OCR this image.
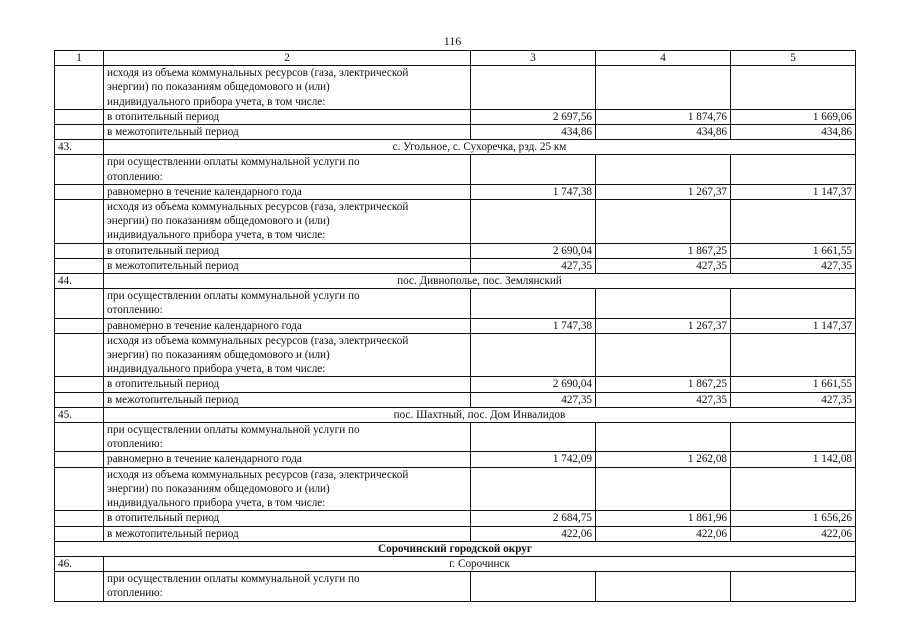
116
1	2	3	4	5

	исходя из объема коммунальных ресурсов (газа, электрической
энергии) по показаниям общедомового и (или)
индивидуального прибора учета, в том числе:			

	в отопительный период	2 697,56	1 874,76	1 669,06
	в межотопительный период	434,86	434,86	434,86
43.	с. Угольное, с. Сухоречка, рзд. 25 км			

	при осуществлении оплаты коммунальной услуги по
отоплению:			

	равномерно в течение календарного года	1 747,38	1 267,37	1 147,37

	исходя из объема коммунальных ресурсов (газа, электрической
энергии) по показаниям общедомового и (или)
индивидуального прибора учета, в том числе:			

	в отопительный период	2 690,04	1 867,25	1 661,55
	в межотопительный период	427,35	427,35	427,35
44.	пос. Дивнополье, пос. Землянский			

	при осуществлении оплаты коммунальной услуги по
отоплению:			

	равномерно в течение календарного года	1 747,38	1 267,37	1 147,37

	исходя из объема коммунальных ресурсов (газа, электрической
энергии) по показаниям общедомового и (или)
индивидуального прибора учета, в том числе:			

	в отопительный период	2 690,04	1 867,25	1 661,55
	в межотопительный период	427,35	427,35	427,35
45.	пос. Шахтный, пос. Дом Инвалидов			

	при осуществлении оплаты коммунальной услуги по
отоплению:			

	равномерно в течение календарного года	1 742,09	1 262,08	1 142,08

	исходя из объема коммунальных ресурсов (газа, электрической
энергии) по показаниям общедомового и (или)
индивидуального прибора учета, в том числе:			

	в отопительный период	2 684,75	1 861,96	1 656,26
	в межотопительный период	422,06	422,06	422,06
Сорочинский городской округ				
46.	г. Сорочинск			

	при осуществлении оплаты коммунальной услуги по
отоплению:			
